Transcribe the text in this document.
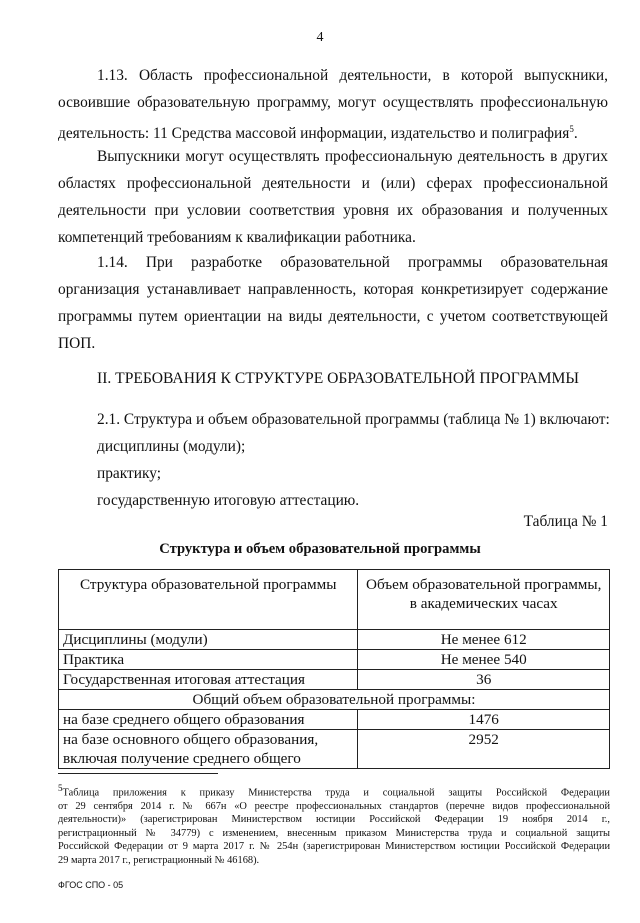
4
1.13. Область профессиональной деятельности, в которой выпускники,
освоившие образовательную программу, могут осуществлять профессиональную
деятельность: 11 Средства массовой информации, издательство и полиграфия$^5$.
Выпускники могут осуществлять профессиональную деятельность в других
областях профессиональной деятельности и (или) сферах профессиональной
деятельности при условии соответствия уровня их образования и полученных
компетенций требованиям к квалификации работника.
1.14. При разработке образовательной программы образовательная
организация устанавливает направленность, которая конкретизирует содержание
программы путем ориентации на виды деятельности, с учетом соответствующей
ПОП.
II. ТРЕБОВАНИЯ К СТРУКТУРЕ ОБРАЗОВАТЕЛЬНОЙ ПРОГРАММЫ
2.1. Структура и объем образовательной программы (таблица № 1) включают:
дисциплины (модули);
практику;
государственную итоговую аттестацию.
Таблица № 1
Структура и объем образовательной программы
Структура образовательной программы	Объем образовательной программы,
в академических часах
Дисциплины (модули)	Не менее 612
Практика	Не менее 540
Государственная итоговая аттестация	36
Общий объем образовательной программы:	
на базе среднего общего образования	1476
на базе основного общего образования,
включая получение среднего общего	2952
$^5$Таблица приложения к приказу Министерства труда и социальной защиты Российской Федерации
от 29 сентября 2014 г. № 667н «О реестре профессиональных стандартов (перечне видов профессиональной
деятельности)» (зарегистрирован Министерством юстиции Российской Федерации 19 ноября 2014 г.,
регистрационный № 34779) с изменением, внесенным приказом Министерства труда и социальной защиты
Российской Федерации от 9 марта 2017 г. № 254н (зарегистрирован Министерством юстиции Российской Федерации
29 марта 2017 г., регистрационный № 46168).
ФГОС СПО - 05
